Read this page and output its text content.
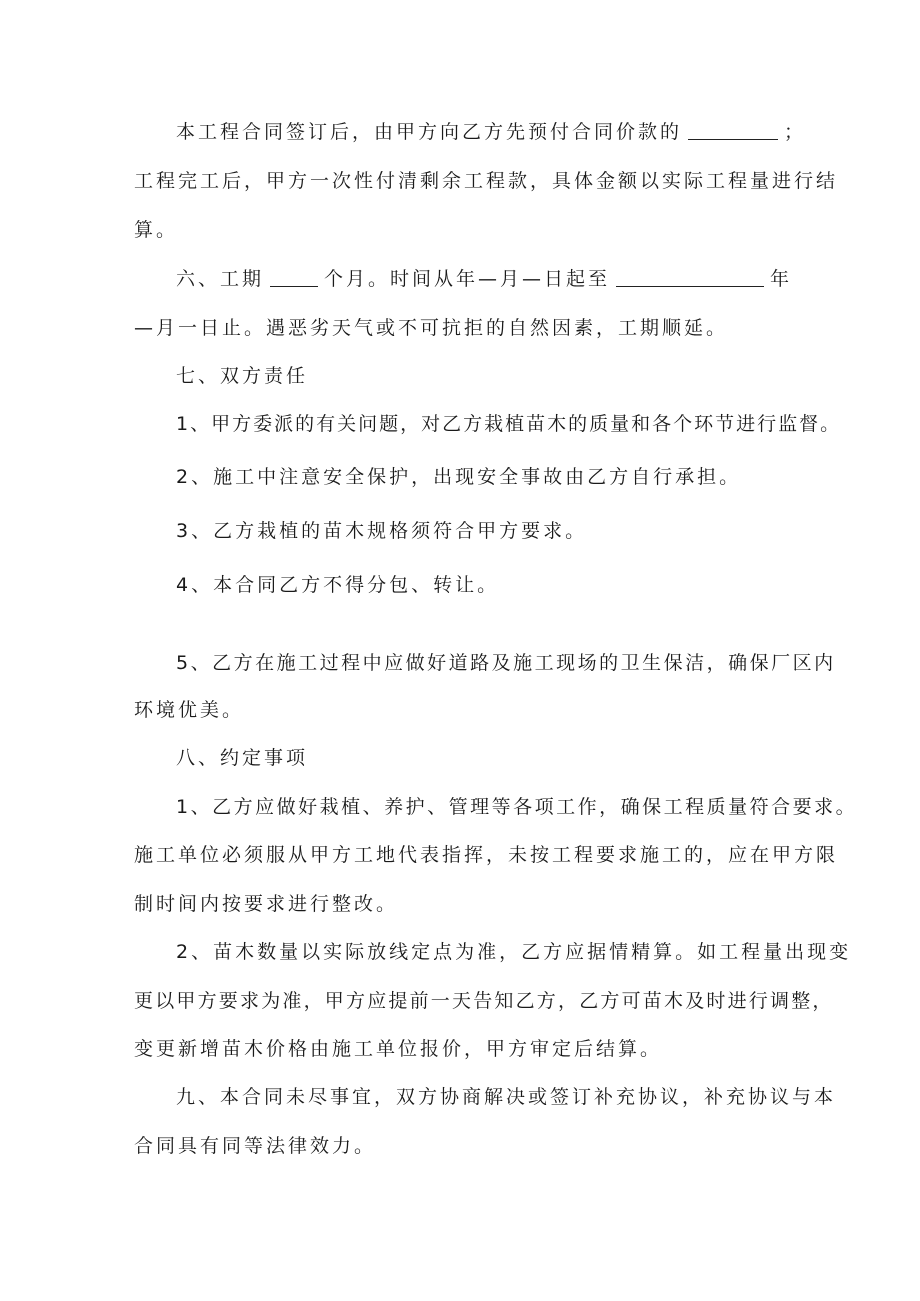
本工程合同签订后，由甲方向乙方先预付合同价款的	；
工程完工后，甲方一次性付清剩余工程款，具体金额以实际工程量进行结
算。
六、工期	个月。时间从年—月—日起至	年
—月一日止。遇恶劣天气或不可抗拒的自然因素，工期顺延。
七、双方责任
1、甲方委派的有关问题，对乙方栽植苗木的质量和各个环节进行监督。
2、施工中注意安全保护，出现安全事故由乙方自行承担。
3、乙方栽植的苗木规格须符合甲方要求。
4、本合同乙方不得分包、转让。
5、乙方在施工过程中应做好道路及施工现场的卫生保洁，确保厂区内
环境优美。
八、约定事项
1、乙方应做好栽植、养护、管理等各项工作，确保工程质量符合要求。
施工单位必须服从甲方工地代表指挥，未按工程要求施工的，应在甲方限
制时间内按要求进行整改。
2、苗木数量以实际放线定点为准，乙方应据情精算。如工程量出现变
更以甲方要求为准，甲方应提前一天告知乙方，乙方可苗木及时进行调整，
变更新增苗木价格由施工单位报价，甲方审定后结算。
九、本合同未尽事宜，双方协商解决或签订补充协议，补充协议与本
合同具有同等法律效力。
